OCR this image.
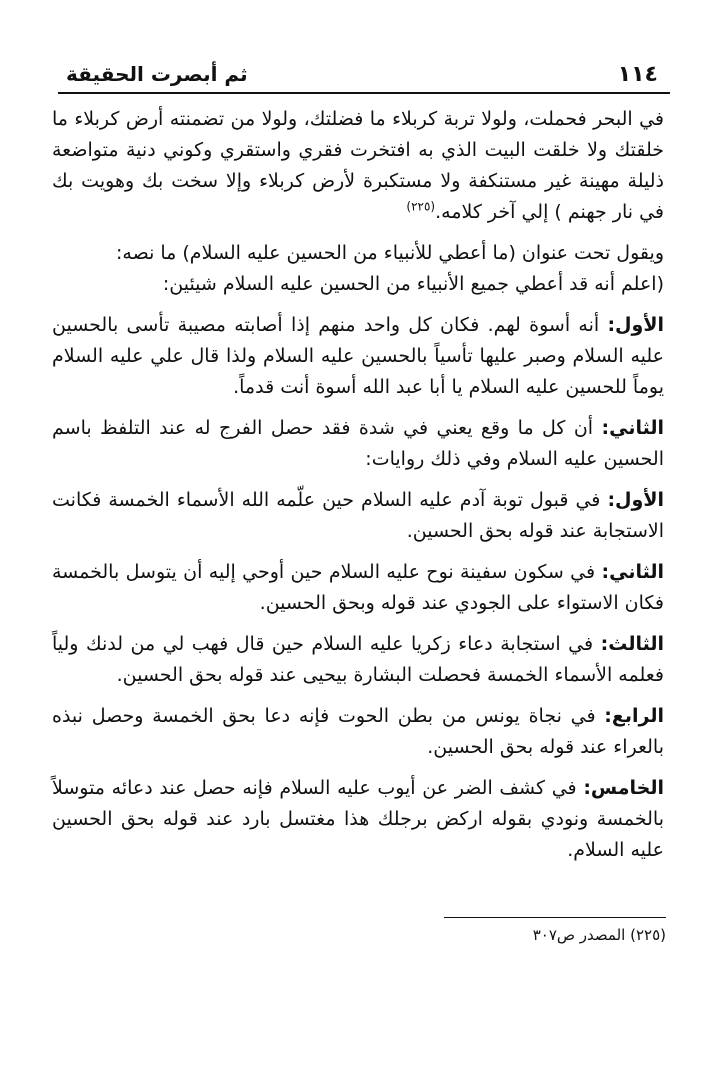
١١٤
ثم أبصرت الحقيقة

في البحر فحملت، ولولا تربة كربلاء ما فضلتك، ولولا من تضمنته أرض كربلاء ما خلقتك ولا خلقت البيت الذي به افتخرت فقري واستقري وكوني دنية متواضعة ذليلة مهينة غير مستنكفة ولا مستكبرة لأرض كربلاء وإلا سخت بك وهويت بك في نار جهنم ) إلي آخر كلامه.$^{(٢٢٥)}$

ويقول تحت عنوان (ما أعطي للأنبياء من الحسين عليه السلام) ما نصه:

(اعلم أنه قد أعطي جميع الأنبياء من الحسين عليه السلام شيئين:

الأول: أنه أسوة لهم. فكان كل واحد منهم إذا أصابته مصيبة تأسى بالحسين عليه السلام وصبر عليها تأسياً بالحسين عليه السلام ولذا قال علي عليه السلام يوماً للحسين عليه السلام يا أبا عبد الله أسوة أنت قدماً.

الثاني: أن كل ما وقع يعني في شدة فقد حصل الفرج له عند التلفظ باسم الحسين عليه السلام وفي ذلك روايات:

الأول: في قبول توبة آدم عليه السلام حين علّمه الله الأسماء الخمسة فكانت الاستجابة عند قوله بحق الحسين.

الثاني: في سكون سفينة نوح عليه السلام حين أوحي إليه أن يتوسل بالخمسة فكان الاستواء على الجودي عند قوله وبحق الحسين.

الثالث: في استجابة دعاء زكريا عليه السلام حين قال فهب لي من لدنك ولياً فعلمه الأسماء الخمسة فحصلت البشارة بيحيى عند قوله بحق الحسين.

الرابع: في نجاة يونس من بطن الحوت فإنه دعا بحق الخمسة وحصل نبذه بالعراء عند قوله بحق الحسين.

الخامس: في كشف الضر عن أيوب عليه السلام فإنه حصل عند دعائه متوسلاً بالخمسة ونودي بقوله اركض برجلك هذا مغتسل بارد عند قوله بحق الحسين عليه السلام.

(٢٢٥) المصدر ص٣٠٧
